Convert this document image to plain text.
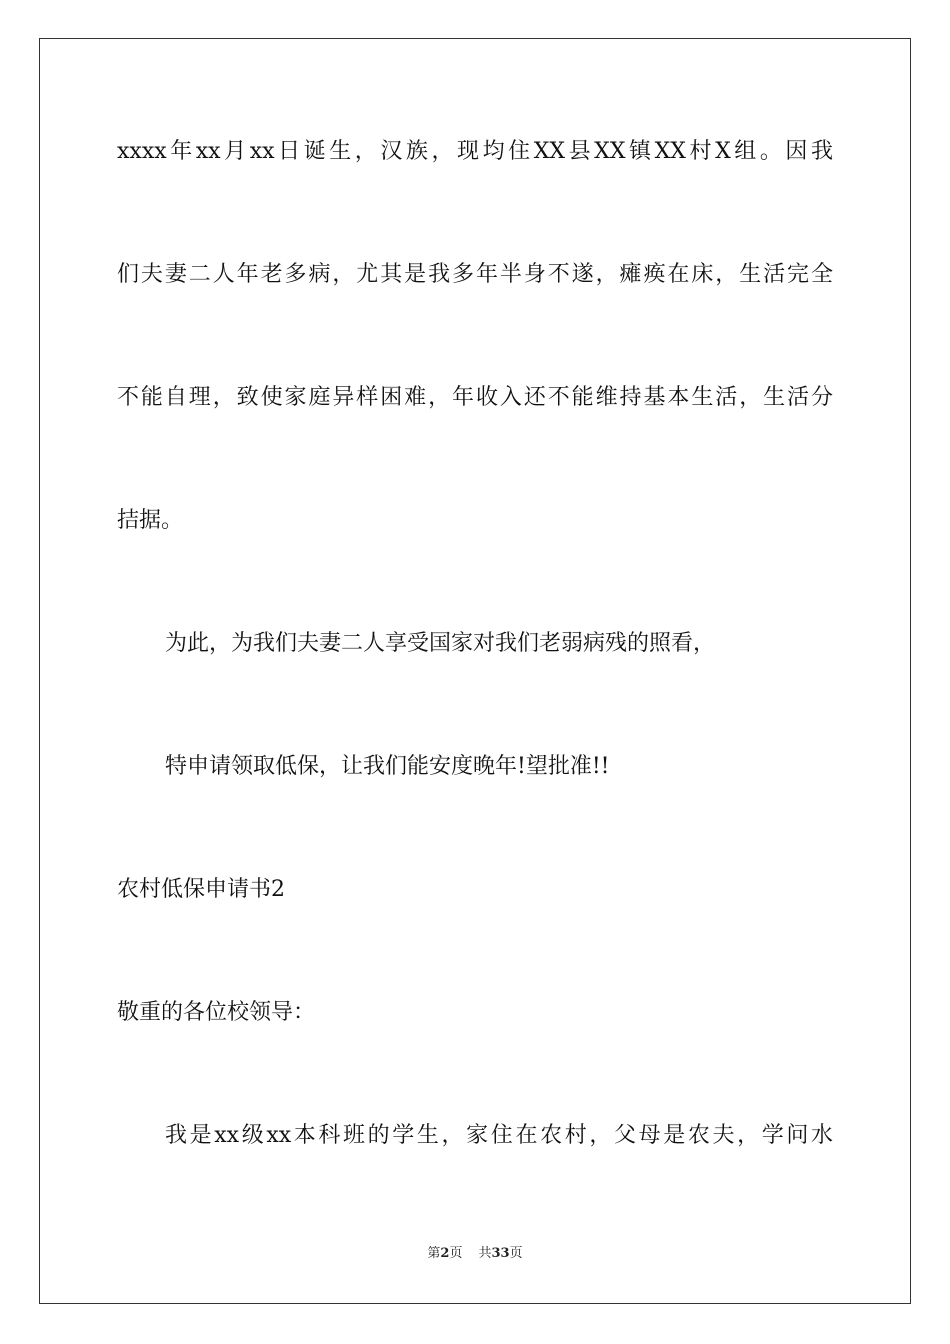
xxxx年xx月xx日诞生，汉族，现均住XX县XX镇XX村X组。因我
们夫妻二人年老多病，尤其是我多年半身不遂，瘫痪在床，生活完全
不能自理，致使家庭异样困难，年收入还不能维持基本生活，生活分
拮据。
为此，为我们夫妻二人享受国家对我们老弱病残的照看，
特申请领取低保，让我们能安度晚年!望批准!!
农村低保申请书2
敬重的各位校领导：
我是xx级xx本科班的学生，家住在农村，父母是农夫，学问水
第2页 共33页
